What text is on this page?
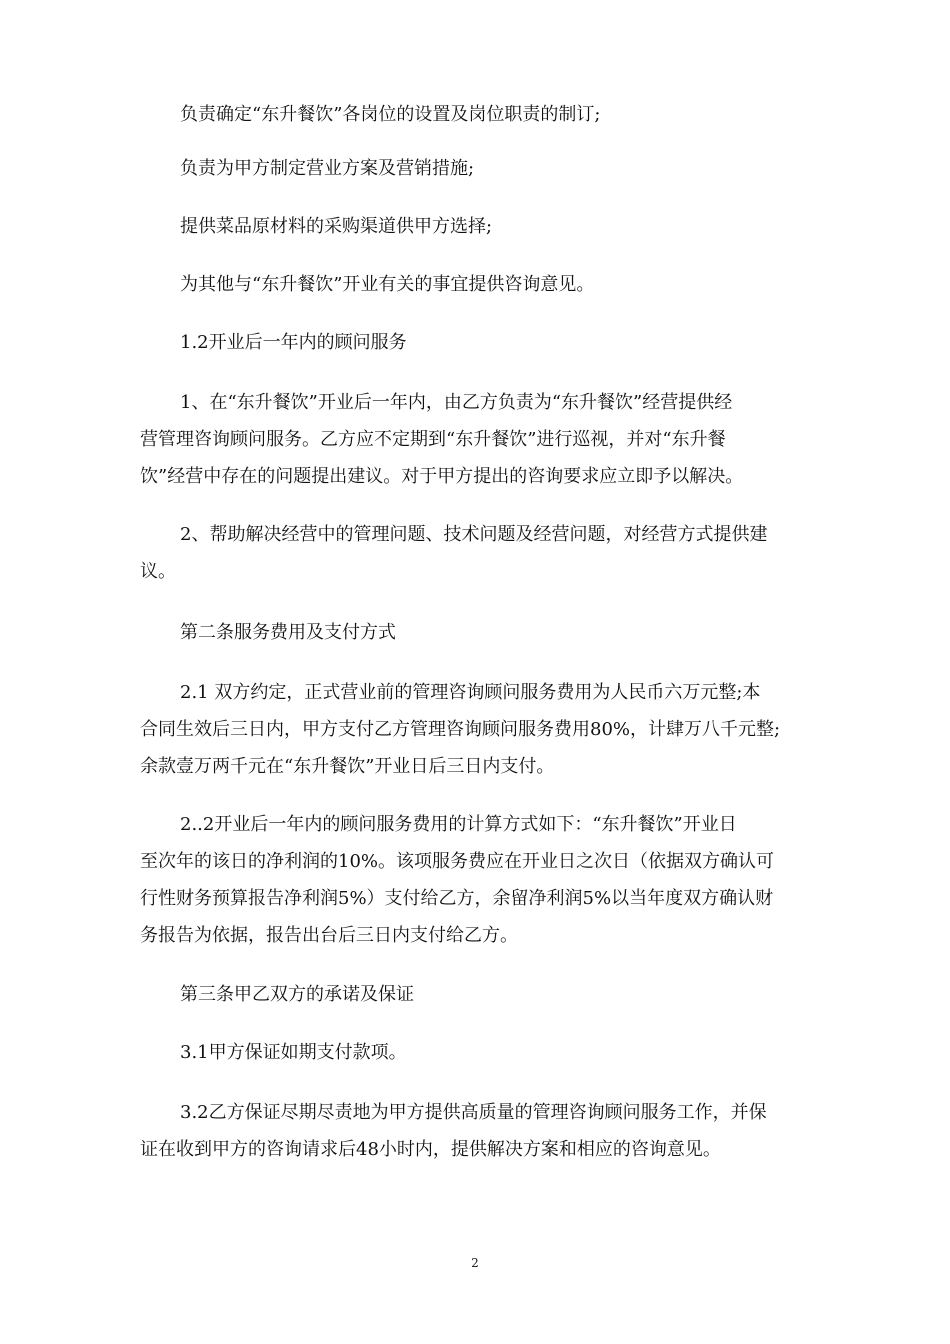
负责确定“东升餐饮”各岗位的设置及岗位职责的制订;

负责为甲方制定营业方案及营销措施;

提供菜品原材料的采购渠道供甲方选择;

为其他与“东升餐饮”开业有关的事宜提供咨询意见。

1.2开业后一年内的顾问服务

1、在“东升餐饮”开业后一年内，由乙方负责为“东升餐饮”经营提供经
营管理咨询顾问服务。乙方应不定期到“东升餐饮”进行巡视，并对“东升餐
饮”经营中存在的问题提出建议。对于甲方提出的咨询要求应立即予以解决。

2、帮助解决经营中的管理问题、技术问题及经营问题，对经营方式提供建
议。

第二条服务费用及支付方式

2.1 双方约定，正式营业前的管理咨询顾问服务费用为人民币六万元整;本
合同生效后三日内，甲方支付乙方管理咨询顾问服务费用80%，计肆万八千元整;
余款壹万两千元在“东升餐饮”开业日后三日内支付。

2..2开业后一年内的顾问服务费用的计算方式如下：“东升餐饮”开业日
至次年的该日的净利润的10%。该项服务费应在开业日之次日（依据双方确认可
行性财务预算报告净利润5%）支付给乙方，余留净利润5%以当年度双方确认财
务报告为依据，报告出台后三日内支付给乙方。

第三条甲乙双方的承诺及保证

3.1甲方保证如期支付款项。

3.2乙方保证尽期尽责地为甲方提供高质量的管理咨询顾问服务工作，并保
证在收到甲方的咨询请求后48小时内，提供解决方案和相应的咨询意见。

2
